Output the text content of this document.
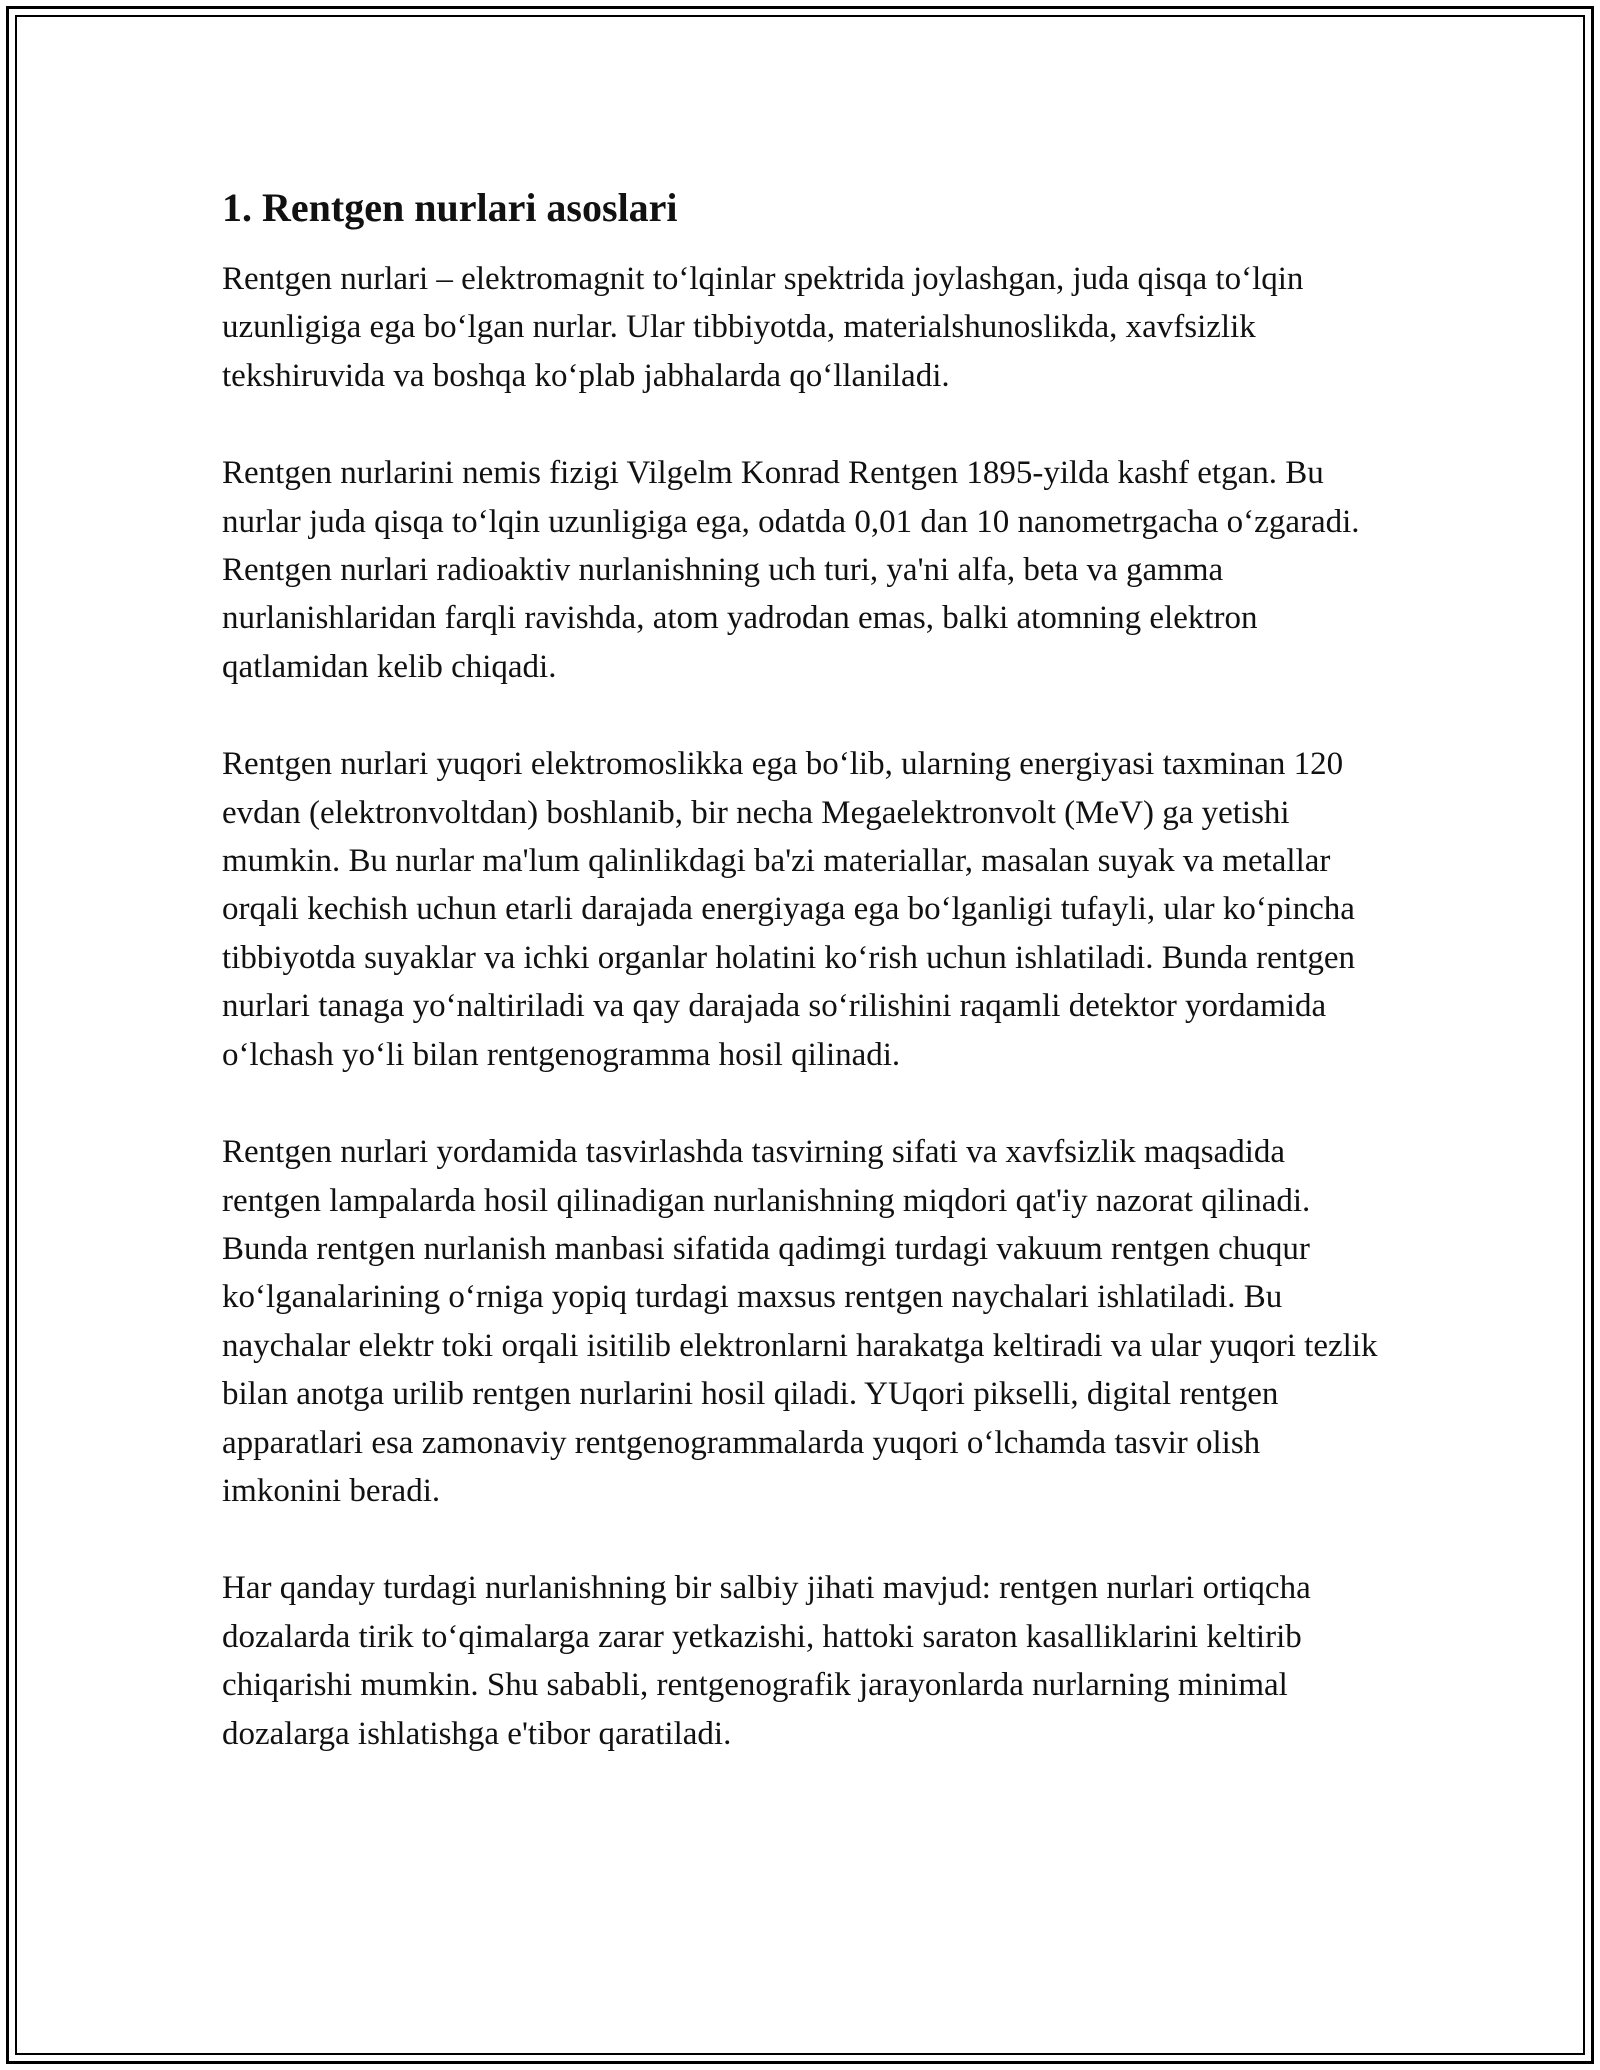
1. Rentgen nurlari asoslari

Rentgen nurlari – elektromagnit to‘lqinlar spektrida joylashgan, juda qisqa to‘lqin uzunligiga ega bo‘lgan nurlar. Ular tibbiyotda, materialshunoslikda, xavfsizlik tekshiruvida va boshqa ko‘plab jabhalarda qo‘llaniladi.

Rentgen nurlarini nemis fizigi Vilgelm Konrad Rentgen 1895-yilda kashf etgan. Bu nurlar juda qisqa to‘lqin uzunligiga ega, odatda 0,01 dan 10 nanometrgacha o‘zgaradi. Rentgen nurlari radioaktiv nurlanishning uch turi, ya'ni alfa, beta va gamma nurlanishlaridan farqli ravishda, atom yadrodan emas, balki atomning elektron qatlamidan kelib chiqadi.

Rentgen nurlari yuqori elektromoslikka ega bo‘lib, ularning energiyasi taxminan 120 evdan (elektronvoltdan) boshlanib, bir necha Megaelektronvolt (MeV) ga yetishi mumkin. Bu nurlar ma'lum qalinlikdagi ba'zi materiallar, masalan suyak va metallar orqali kechish uchun etarli darajada energiyaga ega bo‘lganligi tufayli, ular ko‘pincha tibbiyotda suyaklar va ichki organlar holatini ko‘rish uchun ishlatiladi. Bunda rentgen nurlari tanaga yo‘naltiriladi va qay darajada so‘rilishini raqamli detektor yordamida o‘lchash yo‘li bilan rentgenogramma hosil qilinadi.

Rentgen nurlari yordamida tasvirlashda tasvirning sifati va xavfsizlik maqsadida rentgen lampalarda hosil qilinadigan nurlanishning miqdori qat'iy nazorat qilinadi. Bunda rentgen nurlanish manbasi sifatida qadimgi turdagi vakuum rentgen chuqur ko‘lganalarining o‘rniga yopiq turdagi maxsus rentgen naychalari ishlatiladi. Bu naychalar elektr toki orqali isitilib elektronlarni harakatga keltiradi va ular yuqori tezlik bilan anotga urilib rentgen nurlarini hosil qiladi. YUqori pikselli, digital rentgen apparatlari esa zamonaviy rentgenogrammalarda yuqori o‘lchamda tasvir olish imkonini beradi.

Har qanday turdagi nurlanishning bir salbiy jihati mavjud: rentgen nurlari ortiqcha dozalarda tirik to‘qimalarga zarar yetkazishi, hattoki saraton kasalliklarini keltirib chiqarishi mumkin. Shu sababli, rentgenografik jarayonlarda nurlarning minimal dozalarga ishlatishga e'tibor qaratiladi.
